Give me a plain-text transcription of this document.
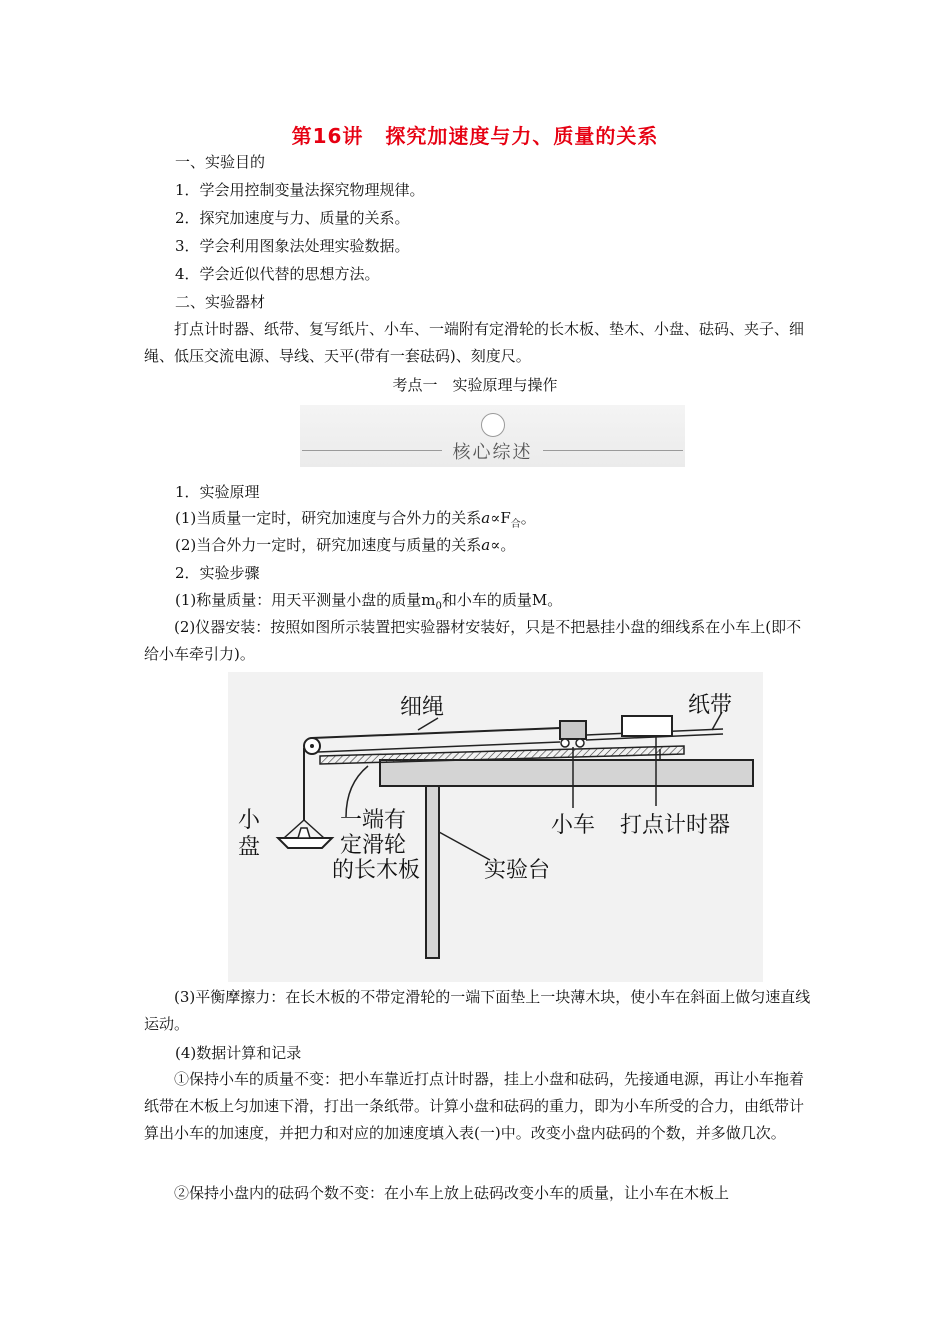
第16讲 探究加速度与力、质量的关系
一、实验目的
1．学会用控制变量法探究物理规律。
2．探究加速度与力、质量的关系。
3．学会利用图象法处理实验数据。
4．学会近似代替的思想方法。
二、实验器材
打点计时器、纸带、复写纸片、小车、一端附有定滑轮的长木板、垫木、小盘、砝码、夹子、细绳、低压交流电源、导线、天平(带有一套砝码)、刻度尺。
考点一　实验原理与操作
核心综述
1．实验原理
(1)当质量一定时，研究加速度与合外力的关系$a\propto F_合$。
(2)当合外力一定时，研究加速度与质量的关系a∝。
2．实验步骤
(1)称量质量：用天平测量小盘的质量$m_0$和小车的质量M。
(2)仪器安装：按照如图所示装置把实验器材安装好，只是不把悬挂小盘的细线系在小车上(即不给小车牵引力)。
细绳	纸带
小
盘
一端有
定滑轮
的长木板
小车 打点计时器
实验台
(3)平衡摩擦力：在长木板的不带定滑轮的一端下面垫上一块薄木块，使小车在斜面上做匀速直线运动。
(4)数据计算和记录
①保持小车的质量不变：把小车靠近打点计时器，挂上小盘和砝码，先接通电源，再让小车拖着纸带在木板上匀加速下滑，打出一条纸带。计算小盘和砝码的重力，即为小车所受的合力，由纸带计算出小车的加速度，并把力和对应的加速度填入表(一)中。改变小盘内砝码的个数，并多做几次。
②保持小盘内的砝码个数不变：在小车上放上砝码改变小车的质量，让小车在木板上
